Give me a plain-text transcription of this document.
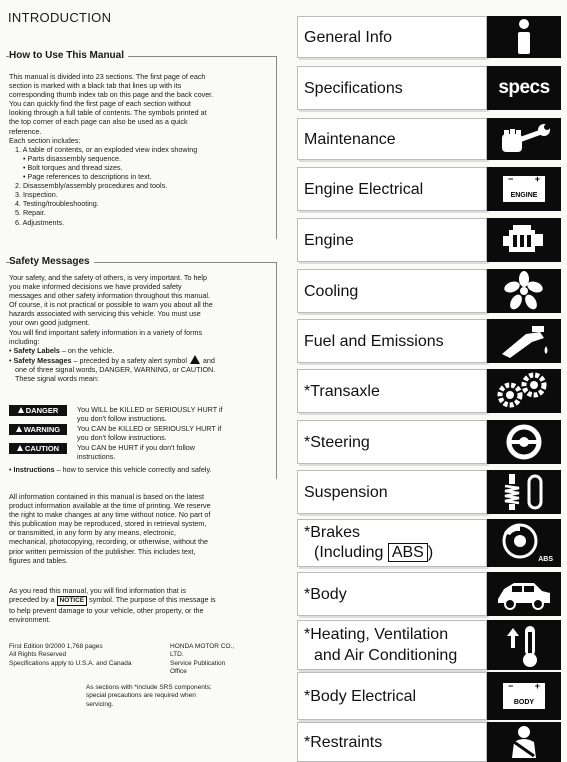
INTRODUCTION
How to Use This Manual
This manual is divided into 23 sections. The first page of each
section is marked with a black tab that lines up with its
corresponding thumb index tab on this page and the back cover.
You can quickly find the first page of each section without
looking through a full table of contents. The symbols printed at
the top corner of each page can also be used as a quick
reference.
Each section includes:
1. A table of contents, or an exploded view index showing
• Parts disassembly sequence.
• Bolt torques and thread sizes.
• Page references to descriptions in text.
2. Disassembly/assembly procedures and tools.
3. Inspection.
4. Testing/troubleshooting.
5. Repair.
6. Adjustments.
Safety Messages
Your safety, and the safety of others, is very important. To help
you make informed decisions we have provided safety
messages and other safety information throughout this manual.
Of course, it is not practical or possible to warn you about all the
hazards associated with servicing this vehicle. You must use
your own good judgment.
You will find important safety information in a variety of forms
including:
• Safety Labels – on the vehicle.
• Safety Messages – preceded by a safety alert symbol and
one of three signal words, DANGER, WARNING, or CAUTION.
These signal words mean:
DANGER	You WILL be KILLED or SERIOUSLY HURT if
you don't follow instructions.
WARNING	You CAN be KILLED or SERIOUSLY HURT if
you don't follow instructions.
CAUTION	You CAN be HURT if you don't follow
instructions.
• Instructions – how to service this vehicle correctly and safely.
All information contained in this manual is based on the latest
product information available at the time of printing. We reserve
the right to make changes at any time without notice. No part of
this publication may be reproduced, stored in retrieval system,
or transmitted, in any form by any means, electronic,
mechanical, photocopying, recording, or otherwise, without the
prior written permission of the publisher. This includes text,
figures and tables.
As you read this manual, you will find information that is
preceded by a NOTICE symbol. The purpose of this message is
to help prevent damage to your vehicle, other property, or the
environment.
First Edition 9/2000 1,768 pages
All Rights Reserved
Specifications apply to U.S.A. and Canada
HONDA MOTOR CO.,
LTD.
Service Publication
Office
As sections with *include SRS components;
special precautions are required when
servicing.
General Info
Specifications	specs
Maintenance
Engine Electrical
− +
ENGINE
Engine
Cooling
Fuel and Emissions
*Transaxle
*Steering
Suspension
*Brakes
(Including ABS )	ABS
*Body
*Heating, Ventilation
and Air Conditioning
*Body Electrical
− +
BODY
*Restraints
